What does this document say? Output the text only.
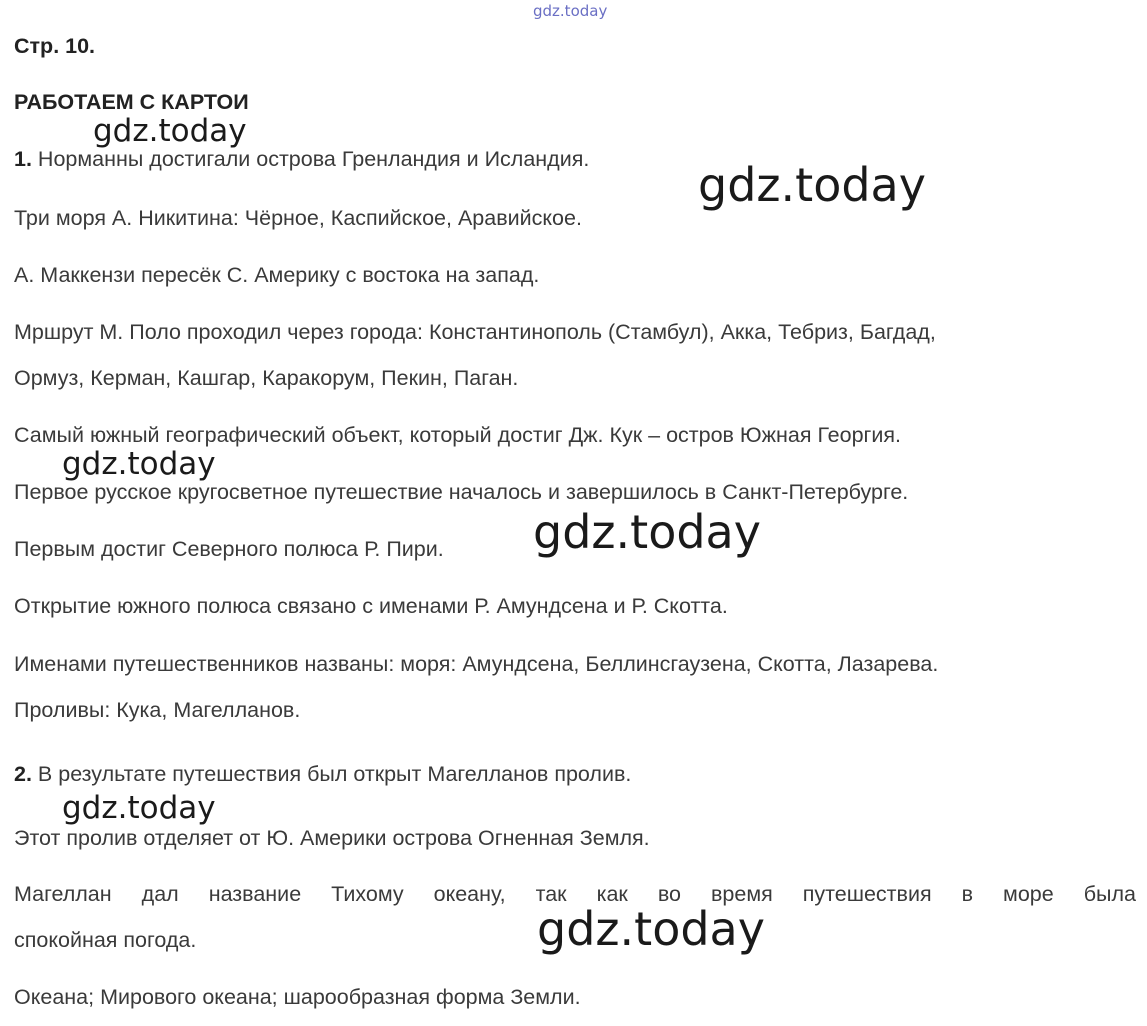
Стр. 10.
РАБОТАЕМ С КАРТОИ

1. Норманны достигали острова Гренландия и Исландия.

Три моря А. Никитина: Чёрное, Каспийское, Аравийское.

А. Маккензи пересёк С. Америку с востока на запад.

Мршрут М. Поло проходил через города: Константинополь (Стамбул), Акка, Тебриз, Багдад,

Ормуз, Керман, Кашгар, Каракорум, Пекин, Паган.

Самый южный географический объект, который достиг Дж. Кук – остров Южная Георгия.

Первое русское кругосветное путешествие началось и завершилось в Санкт-Петербурге.

Первым достиг Северного полюса Р. Пири.

Открытие южного полюса связано с именами Р. Амундсена и Р. Скотта.

Именами путешественников названы: моря: Амундсена, Беллинсгаузена, Скотта, Лазарева.

Проливы: Кука, Магелланов.

2. В результате путешествия был открыт Магелланов пролив.

Этот пролив отделяет от Ю. Америки острова Огненная Земля.

Магеллан дал название Тихому океану, так как во время путешествия в море была

спокойная погода.

Океана; Мирового океана; шарообразная форма Земли.

gdz.today
gdz.today
gdz.today
gdz.today
gdz.today
gdz.today
gdz.today
